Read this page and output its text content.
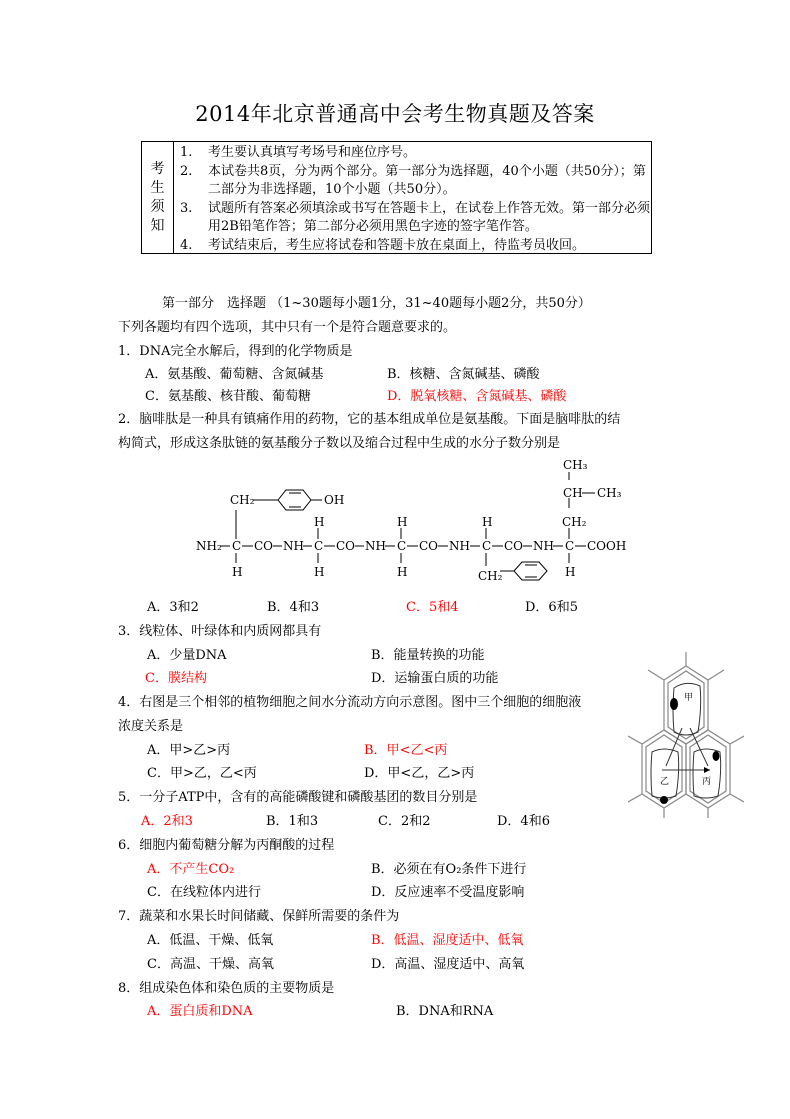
2014年北京普通高中会考生物真题及答案
考
生
须
知
1. 考生要认真填写考场号和座位序号。
2. 本试卷共8页，分为两个部分。第一部分为选择题，40个小题（共50分）；第二部分为非选择题，10个小题（共50分）。
3. 试题所有答案必须填涂或书写在答题卡上，在试卷上作答无效。第一部分必须用2B铅笔作答；第二部分必须用黑色字迹的签字笔作答。
4. 考试结束后，考生应将试卷和答题卡放在桌面上，待监考员收回。
第一部分　选择题 （1~30题每小题1分，31~40题每小题2分，共50分）
下列各题均有四个选项，其中只有一个是符合题意要求的。
1．DNA完全水解后，得到的化学物质是
A．氨基酸、葡萄糖、含氮碱基	B．核糖、含氮碱基、磷酸
C．氨基酸、核苷酸、葡萄糖	D．脱氧核糖、含氮碱基、磷酸
2．脑啡肽是一种具有镇痛作用的药物，它的基本组成单位是氨基酸。下面是脑啡肽的结
构简式，形成这条肽链的氨基酸分子数以及缩合过程中生成的水分子数分别是
NH₂ C CO NH C CO NH C CO NH C CO NH C COOH
H	H	H	H
H	H	H
CH₂	OH
CH₂
CH₂
CH CH₃
CH₃
A．3和2	B．4和3	C．5和4	D．6和5
3．线粒体、叶绿体和内质网都具有
A．少量DNA	B．能量转换的功能
C．膜结构	D．运输蛋白质的功能
4．右图是三个相邻的植物细胞之间水分流动方向示意图。图中三个细胞的细胞液
浓度关系是
A．甲>乙>丙	B．甲<乙<丙
C．甲>乙，乙<丙	D．甲<乙，乙>丙
甲
乙	丙
5．一分子ATP中，含有的高能磷酸键和磷酸基团的数目分别是
A．2和3	B．1和3	C．2和2	D．4和6
6．细胞内葡萄糖分解为丙酮酸的过程
A．不产生CO₂	B．必须在有O₂条件下进行
C．在线粒体内进行	D．反应速率不受温度影响
7．蔬菜和水果长时间储藏、保鲜所需要的条件为
A．低温、干燥、低氧	B．低温、湿度适中、低氧
C．高温、干燥、高氧	D．高温、湿度适中、高氧
8．组成染色体和染色质的主要物质是
A．蛋白质和DNA	B．DNA和RNA
